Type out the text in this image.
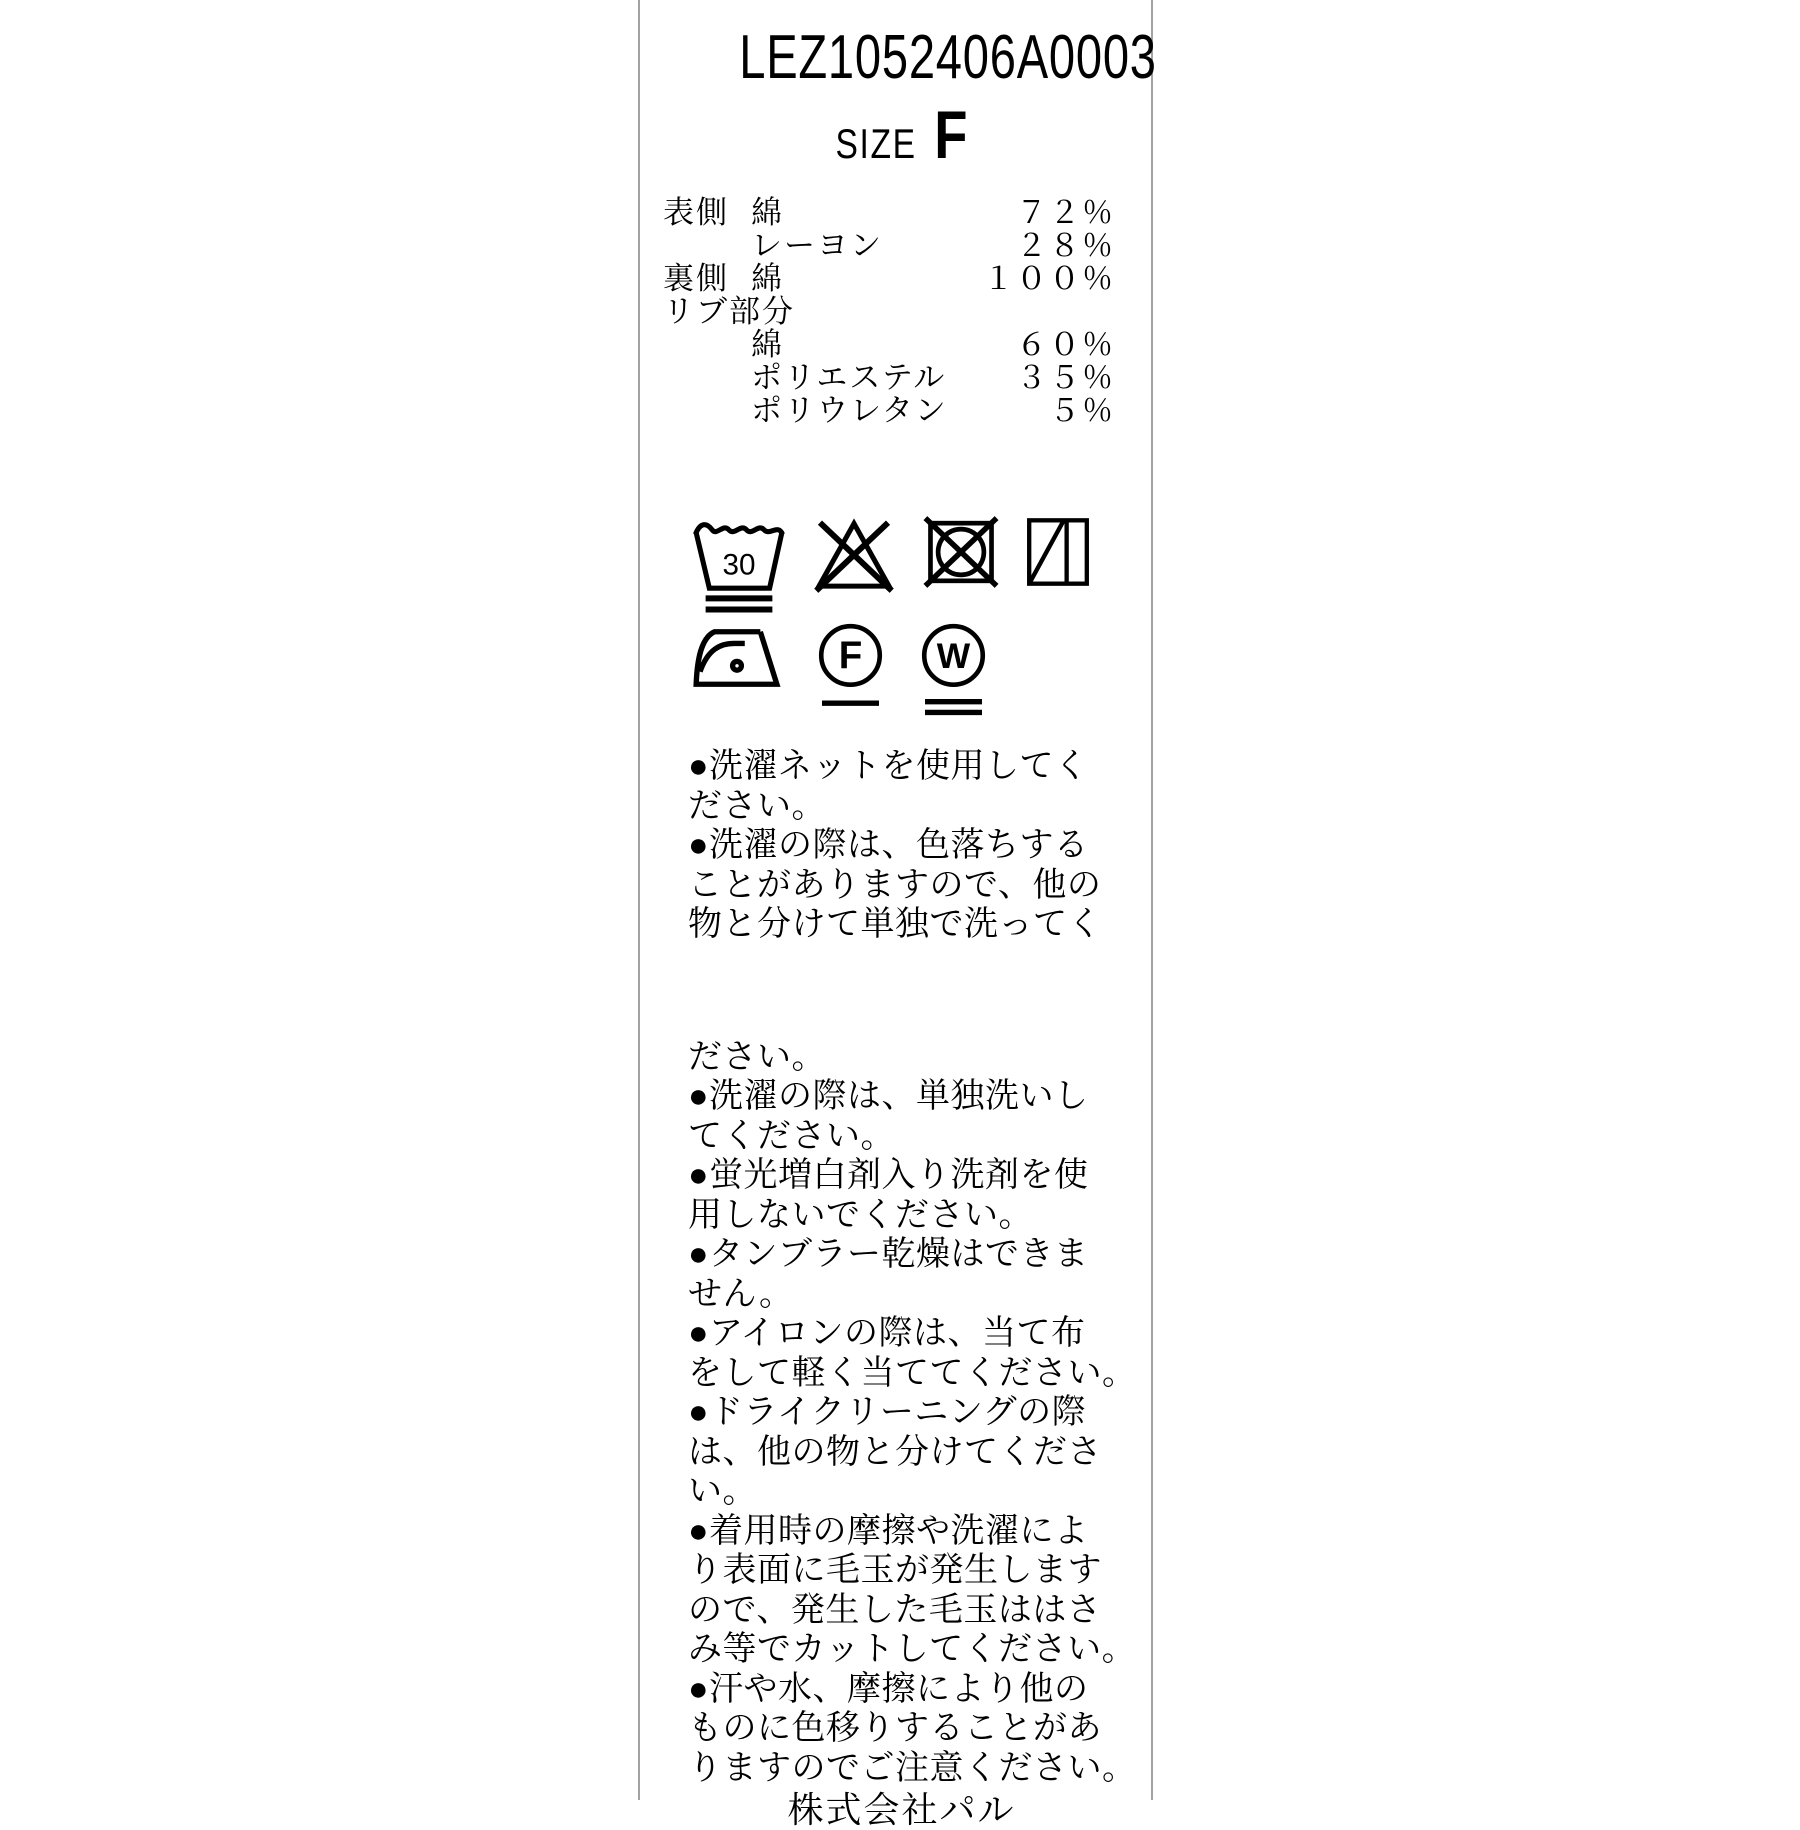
LEZ1052406A0003
SIZE F
表側 綿	７２％
レーヨン	２８％
裏側 綿	１００％
リブ部分
綿	６０％
ポリエステル	３５％
ポリウレタン	５％
30
F W
●洗濯ネットを使用してく
ださい。
●洗濯の際は、色落ちする
ことがありますので、他の
物と分けて単独で洗ってく
ださい。
●洗濯の際は、単独洗いし
てください。
●蛍光増白剤入り洗剤を使
用しないでください。
●タンブラー乾燥はできま
せん。
●アイロンの際は、当て布
をして軽く当ててください。
●ドライクリーニングの際
は、他の物と分けてくださ
い。
●着用時の摩擦や洗濯によ
り表面に毛玉が発生します
ので、発生した毛玉ははさ
み等でカットしてください。
●汗や水、摩擦により他の
ものに色移りすることがあ
りますのでご注意ください。
株式会社パル
